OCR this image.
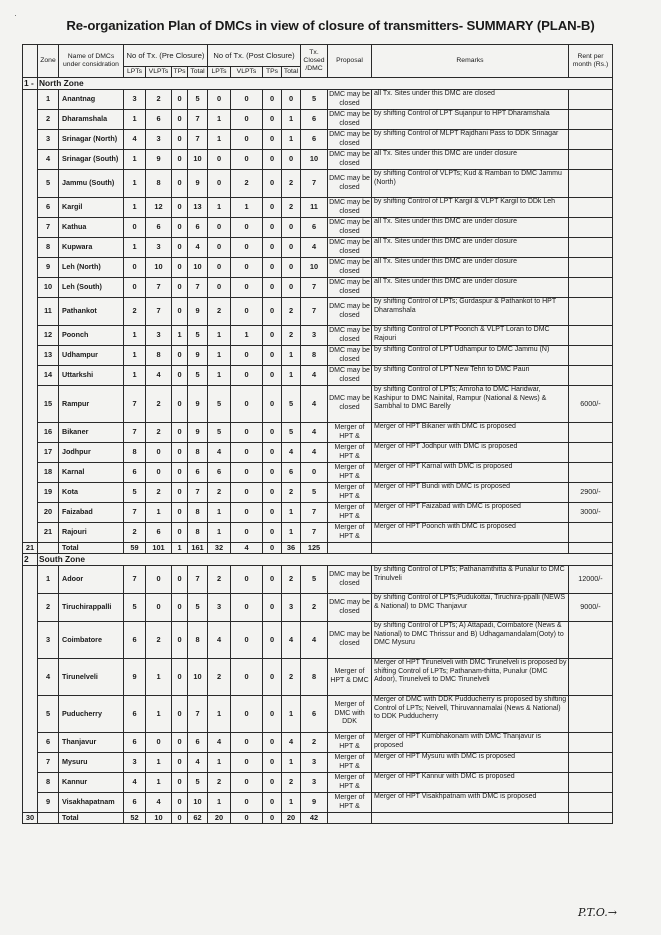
·
Re-organization Plan of DMCs in view of closure of transmitters- SUMMARY (PLAN-B)
	Zone	Name of DMCs under considration	No of Tx. (Pre Closure)				No of Tx. (Post Closure)				Tx. Closed /DMC	Proposal	Remarks	Rent per month (Rs.)
			LPTs	VLPTs	TPs	Total	LPTs	VLPTs	TPs	Total				
1 -	North Zone													
	1	Anantnag	3	2	0	5	0	0	0	0	5	DMC may be closed	all Tx. Sites under this DMC are closed	
	2	Dharamshala	1	6	0	7	1	0	0	1	6	DMC may be closed	by shifting Control of LPT Sujanpur to HPT Dharamshala	
	3	Srinagar (North)	4	3	0	7	1	0	0	1	6	DMC may be closed	by shifting Control of MLPT Rajdhani Pass to DDK Srinagar	
	4	Srinagar (South)	1	9	0	10	0	0	0	0	10	DMC may be closed	all Tx. Sites under this DMC are under closure	
	5	Jammu (South)	1	8	0	9	0	2	0	2	7	DMC may be closed	by shifting Control of VLPTs; Kud & Ramban to DMC Jammu (North)	
	6	Kargil	1	12	0	13	1	1	0	2	11	DMC may be closed	by shifting Control of LPT Kargil & VLPT Kargil to DDk Leh	
	7	Kathua	0	6	0	6	0	0	0	0	6	DMC may be closed	all Tx. Sites under this DMC are under closure	
	8	Kupwara	1	3	0	4	0	0	0	0	4	DMC may be closed	all Tx. Sites under this DMC are under closure	
	9	Leh (North)	0	10	0	10	0	0	0	0	10	DMC may be closed	all Tx. Sites under this DMC are under closure	
	10	Leh (South)	0	7	0	7	0	0	0	0	7	DMC may be closed	all Tx. Sites under this DMC are under closure	
	11	Pathankot	2	7	0	9	2	0	0	2	7	DMC may be closed	by shifting Control of LPTs; Gurdaspur & Pathankot to HPT Dharamshala	
	12	Poonch	1	3	1	5	1	1	0	2	3	DMC may be closed	by shifting Control of LPT Poonch & VLPT Loran to DMC Rajouri	
	13	Udhampur	1	8	0	9	1	0	0	1	8	DMC may be closed	by shifting Control of LPT Udhampur to DMC Jammu (N)	
	14	Uttarkshi	1	4	0	5	1	0	0	1	4	DMC may be closed	by shifting Control of LPT New Tehri to DMC Pauri	
	15	Rampur	7	2	0	9	5	0	0	5	4	DMC may be closed	by shifting Control of LPTs; Amroha to DMC Haridwar, Kashipur to DMC Nainital, Rampur (National & News) & Sambhal to DMC Barelly	6000/-
	16	Bikaner	7	2	0	9	5	0	0	5	4	Merger of HPT &	Merger of HPT Bikaner with DMC is proposed	
	17	Jodhpur	8	0	0	8	4	0	0	4	4	Merger of HPT &	Merger of HPT Jodhpur with DMC is proposed	
	18	Karnal	6	0	0	6	6	0	0	6	0	Merger of HPT &	Merger of HPT Karnal with DMC is proposed	
	19	Kota	5	2	0	7	2	0	0	2	5	Merger of HPT &	Merger of HPT Bundi with DMC is proposed	2900/-
	20	Faizabad	7	1	0	8	1	0	0	1	7	Merger of HPT &	Merger of HPT Faizabad with DMC is proposed	3000/-
	21	Rajouri	2	6	0	8	1	0	0	1	7	Merger of HPT &	Merger of HPT Poonch with DMC is proposed	
21		Total	59	101	1	161	32	4	0	36	125			
2	South Zone													
	1	Adoor	7	0	0	7	2	0	0	2	5	DMC may be closed	by shifting Control of LPTs; Pathanamthitta & Punalur to DMC Trinulveli	12000/-
	2	Tiruchirappalli	5	0	0	5	3	0	0	3	2	DMC may be closed	by shifting Control of LPTs;Pudukottai, Tiruchira-ppalli (NEWS & National) to DMC Thanjavur	9000/-
	3	Coimbatore	6	2	0	8	4	0	0	4	4	DMC may be closed	by shifting Control of LPTs; A) Attapadi, Coimbatore (News & National) to DMC Thrissur and B) Udhagamandalam(Ooty) to DMC Mysuru	
	4	Tirunelveli	9	1	0	10	2	0	0	2	8	Merger of HPT & DMC	Merger of HPT Tirunelveli with DMC Tirunelveli is proposed by shifting Control of LPTs; Pathanam-thitta, Punalur (DMC Adoor), Tirunelveli to DMC Tirunelveli	
	5	Puducherry	6	1	0	7	1	0	0	1	6	Merger of DMC with DDK	Merger of DMC with DDK Pudducherry is proposed by shifting Control of LPTs; Neivell, Thiruvannamalai (News & National) to DDK Pudducherry	
	6	Thanjavur	6	0	0	6	4	0	0	4	2	Merger of HPT &	Merger of HPT Kumbhakonam with DMC Thanjavur is proposed	
	7	Mysuru	3	1	0	4	1	0	0	1	3	Merger of HPT &	Merger of HPT Mysuru with DMC is proposed	
	8	Kannur	4	1	0	5	2	0	0	2	3	Merger of HPT &	Merger of HPT Kannur with DMC is proposed	
	9	Visakhapatnam	6	4	0	10	1	0	0	1	9	Merger of HPT &	Merger of HPT Visakhpatnam with DMC is proposed	
30		Total	52	10	0	62	20	0	0	20	42			
P.T.O.→
